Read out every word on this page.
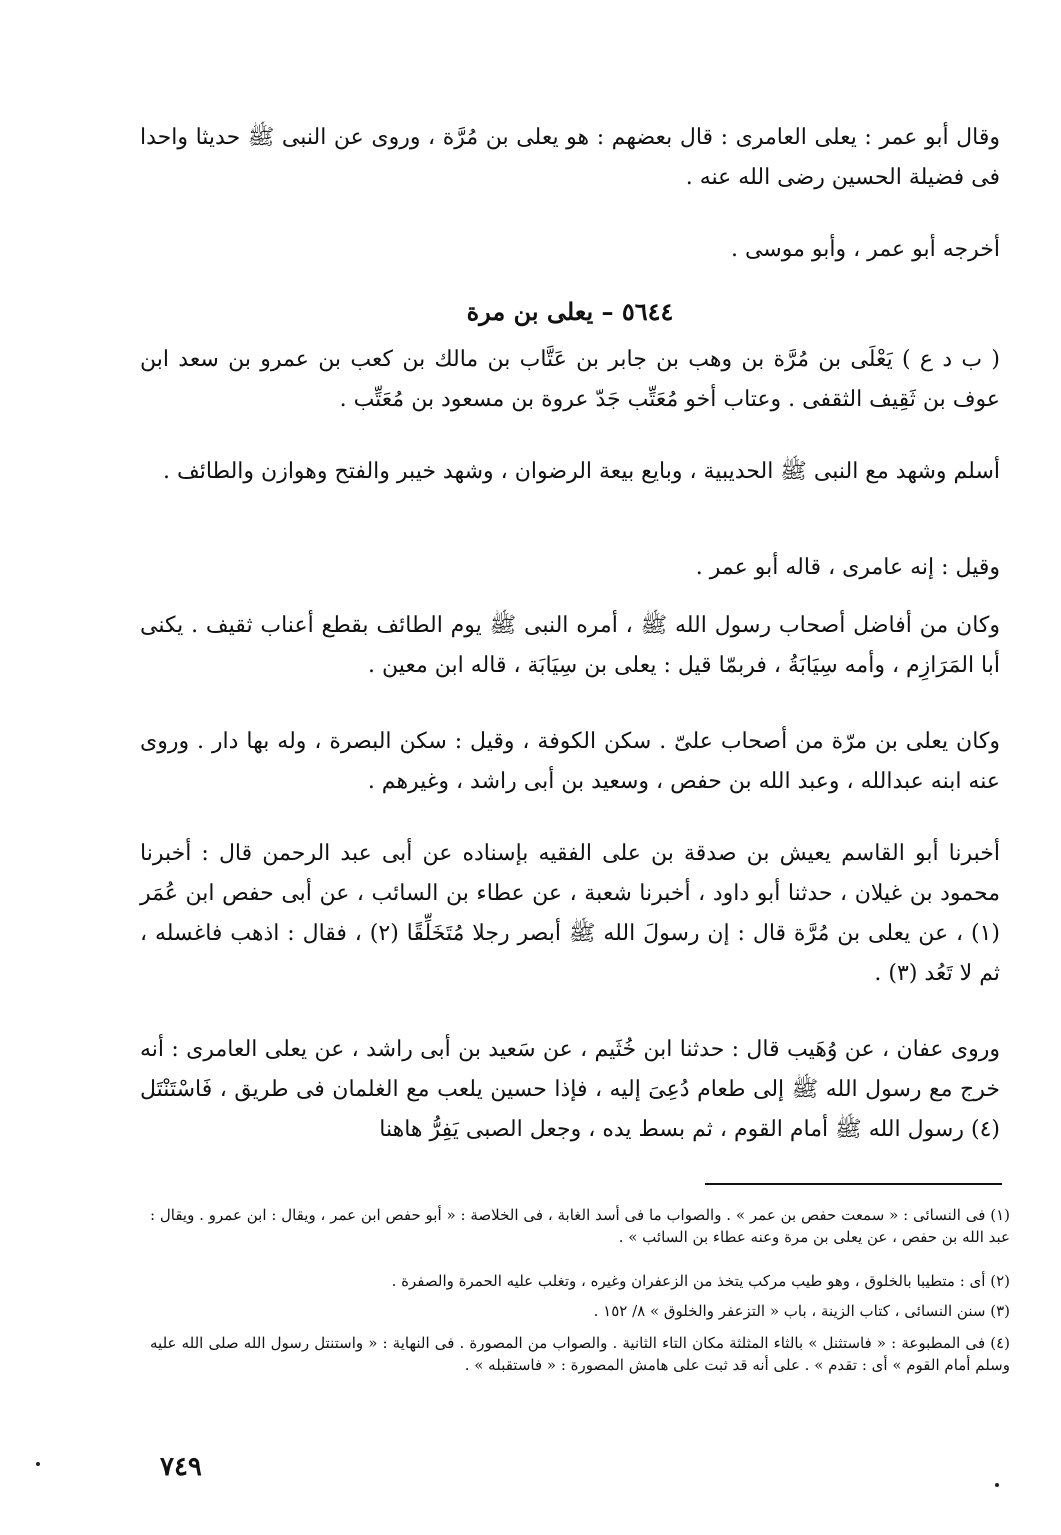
وقال أبو عمر : يعلى العامرى : قال بعضهم : هو يعلى بن مُرَّة ، وروى عن النبى ﷺ حديثا واحدا فى فضيلة الحسين رضى الله عنه .

أخرجه أبو عمر ، وأبو موسى .

٥٦٤٤ – يعلى بن مرة

( ب د ع ) يَعْلَى بن مُرَّة بن وهب بن جابر بن عَتَّاب بن مالك بن كعب بن عمرو بن سعد ابن عوف بن ثَقِيف الثقفى . وعتاب أخو مُعَتِّب جَدّ عروة بن مسعود بن مُعَتِّب .

أسلم وشهد مع النبى ﷺ الحديبية ، وبايع بيعة الرضوان ، وشهد خيبر والفتح وهوازن والطائف .

وقيل : إنه عامرى ، قاله أبو عمر .

وكان من أفاضل أصحاب رسول الله ﷺ ، أمره النبى ﷺ يوم الطائف بقطع أعناب ثقيف . يكنى أبا المَرَازِم ، وأمه سِيَابَةُ ، فربمّا قيل : يعلى بن سِيَابَة ، قاله ابن معين .

وكان يعلى بن مرّة من أصحاب علىّ . سكن الكوفة ، وقيل : سكن البصرة ، وله بها دار . وروى عنه ابنه عبدالله ، وعبد الله بن حفص ، وسعيد بن أبى راشد ، وغيرهم .

أخبرنا أبو القاسم يعيش بن صدقة بن على الفقيه بإسناده عن أبى عبد الرحمن قال : أخبرنا محمود بن غيلان ، حدثنا أبو داود ، أخبرنا شعبة ، عن عطاء بن السائب ، عن أبى حفص ابن عُمَر (١) ، عن يعلى بن مُرَّة قال : إن رسولَ الله ﷺ أبصر رجلا مُتَخَلِّقًا (٢) ، فقال : اذهب فاغسله ، ثم لا تَعُد (٣) .

وروى عفان ، عن وُهَيب قال : حدثنا ابن خُثَيم ، عن سَعيد بن أبى راشد ، عن يعلى العامرى : أنه خرج مع رسول الله ﷺ إلى طعام دُعِىَ إليه ، فإذا حسين يلعب مع الغلمان فى طريق ، فَاسْتَنْتَل (٤) رسول الله ﷺ أمام القوم ، ثم بسط يده ، وجعل الصبى يَفِرُّ هاهنا

(١) فى النسائى : « سمعت حفص بن عمر » . والصواب ما فى أسد الغابة ، فى الخلاصة : « أبو حفص ابن عمر ، ويقال : ابن عمرو . ويقال : عبد الله بن حفص ، عن يعلى بن مرة وعنه عطاء بن السائب » .

(٢) أى : متطيبا بالخلوق ، وهو طيب مركب يتخذ من الزعفران وغيره ، وتغلب عليه الحمرة والصفرة .

(٣) سنن النسائى ، كتاب الزينة ، باب « التزعفر والخلوق » ٨/ ١٥٢ .

(٤) فى المطبوعة : « فاستثنل » بالثاء المثلثة مكان التاء الثانية . والصواب من المصورة . فى النهاية : « واستنتل رسول الله صلى الله عليه وسلم أمام القوم » أى : تقدم » . على أنه قد ثبت على هامش المصورة : « فاستقبله » .

٧٤٩
